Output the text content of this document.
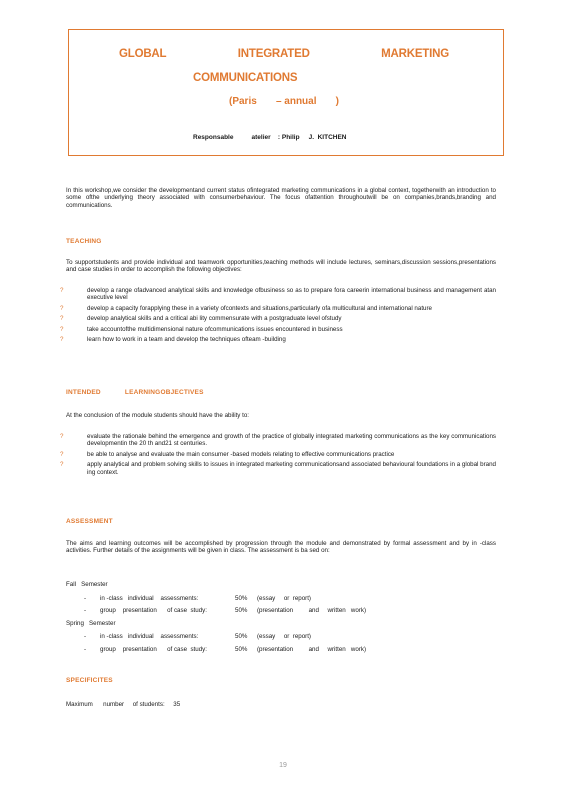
GLOBAL	INTEGRATED	MARKETING
COMMUNICATIONS
(Paris – annual )
Responsable          atelier    : Philip     J.  KITCHEN
In this workshop,we consider the developmentand current status ofintegrated marketing communications in a global context, togetherwith an introduction to some ofthe underlying theory associated with consumerbehaviour. The focus ofattention throughoutwill be on companies,brands,branding and communications.
TEACHING
To supportstudents and provide individual and teamwork opportunities,teaching methods will include lectures, seminars,discussion sessions,presentations and case studies in order to accomplish the following objectives:
?	develop a range ofadvanced analytical skills and knowledge ofbusiness so as to prepare fora careerin international business and management atan executive level
?	develop a capacity forapplying these in a variety ofcontexts and situations,particularly ofa multicultural and international nature
?	develop analytical skills and a critical abi lity commensurate with a postgraduate level ofstudy
?	take accountofthe multidimensional nature ofcommunications issues encountered in business
?	learn how to work in a team and develop the techniques ofteam -building
INTENDED            LEARNINGOBJECTIVES
At the conclusion of the module students should have the ability to:
?	evaluate the rationale behind the emergence and growth of the practice of globally integrated marketing communications as the key communications developmentin the 20 th and21 st centuries.
?	be able to analyse and evaluate the main consumer -based models relating to effective communications practice
?	apply analytical and problem solving skills to issues in integrated marketing communicationsand associated behavioural foundations in a global brand ing context.
ASSESSMENT
The aims and learning outcomes will be accomplished by progression through the module and demonstrated by formal assessment and by in -class activities. Further details of the assignments will be given in class. The assessment is ba sed on:
Fall   Semester
- in -class   individual    assessments:	50% (essay     or  report)
- group    presentation      of case  study:	50% (presentation         and     written   work)
Spring   Semester
- in -class   individual    assessments:	50% (essay     or  report)
- group    presentation      of case  study:	50% (presentation         and     written   work)
SPECIFICITES
Maximum      number     of students:     35
19
